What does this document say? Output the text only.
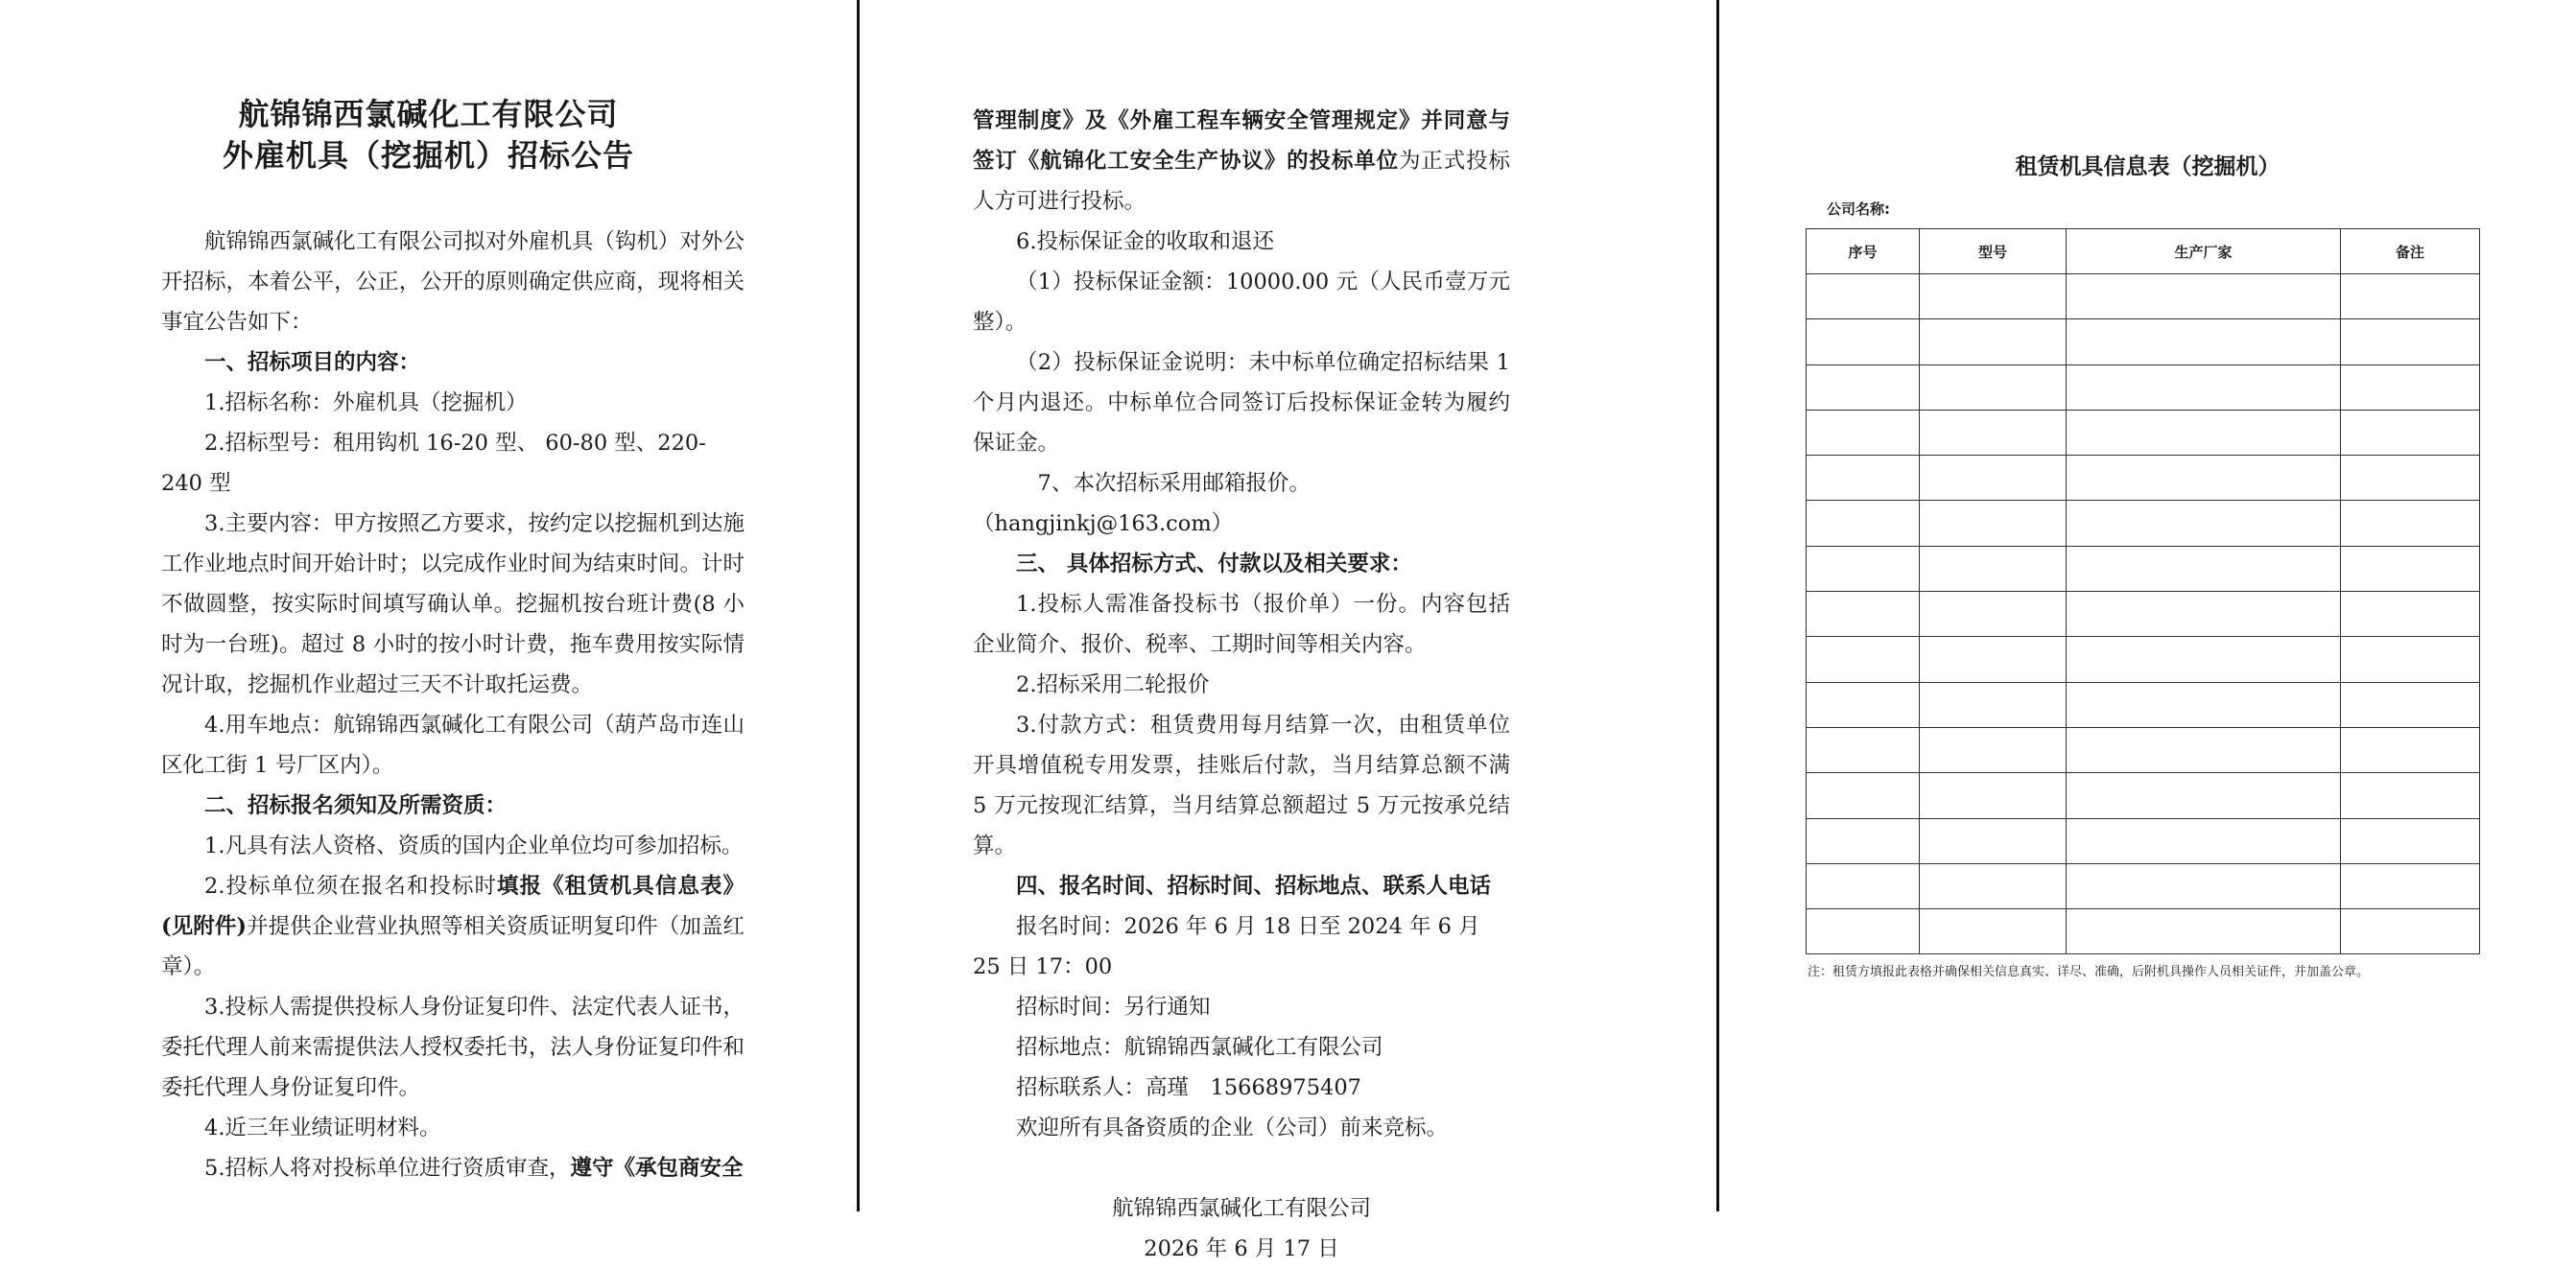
航锦锦西氯碱化工有限公司
外雇机具（挖掘机）招标公告

航锦锦西氯碱化工有限公司拟对外雇机具（钩机）对外公开招标，本着公平，公正，公开的原则确定供应商，现将相关事宜公告如下：

一、招标项目的内容：

1.招标名称：外雇机具（挖掘机）

2.招标型号：租用钩机 16-20 型、 60-80 型、220-240 型

3.主要内容：甲方按照乙方要求，按约定以挖掘机到达施工作业地点时间开始计时；以完成作业时间为结束时间。计时不做圆整，按实际时间填写确认单。挖掘机按台班计费(8 小时为一台班)。超过 8 小时的按小时计费，拖车费用按实际情况计取，挖掘机作业超过三天不计取托运费。

4.用车地点：航锦锦西氯碱化工有限公司（葫芦岛市连山区化工街 1 号厂区内）。

二、招标报名须知及所需资质：

1.凡具有法人资格、资质的国内企业单位均可参加招标。

2.投标单位须在报名和投标时填报《租赁机具信息表》(见附件)并提供企业营业执照等相关资质证明复印件（加盖红章）。

3.投标人需提供投标人身份证复印件、法定代表人证书，委托代理人前来需提供法人授权委托书，法人身份证复印件和委托代理人身份证复印件。

4.近三年业绩证明材料。

5.招标人将对投标单位进行资质审查，遵守《承包商安全

管理制度》及《外雇工程车辆安全管理规定》并同意与签订《航锦化工安全生产协议》的投标单位为正式投标人方可进行投标。

6.投标保证金的收取和退还

（1）投标保证金额：10000.00 元（人民币壹万元整）。

（2）投标保证金说明：未中标单位确定招标结果 1 个月内退还。中标单位合同签订后投标保证金转为履约保证金。

7、本次招标采用邮箱报价。（hangjinkj@163.com）

三、 具体招标方式、付款以及相关要求：

1.投标人需准备投标书（报价单）一份。内容包括企业简介、报价、税率、工期时间等相关内容。

2.招标采用二轮报价

3.付款方式：租赁费用每月结算一次，由租赁单位开具增值税专用发票，挂账后付款，当月结算总额不满 5 万元按现汇结算，当月结算总额超过 5 万元按承兑结算。

四、报名时间、招标时间、招标地点、联系人电话

报名时间：2026 年 6 月 18 日至 2024 年 6 月 25 日 17：00

招标时间：另行通知

招标地点：航锦锦西氯碱化工有限公司

招标联系人：高瑾　15668975407

欢迎所有具备资质的企业（公司）前来竞标。

航锦锦西氯碱化工有限公司

2026 年 6 月 17 日

租赁机具信息表（挖掘机）
公司名称:
序号	型号	生产厂家	备注

注：租赁方填报此表格并确保相关信息真实、详尽、准确，后附机具操作人员相关证件，并加盖公章。
